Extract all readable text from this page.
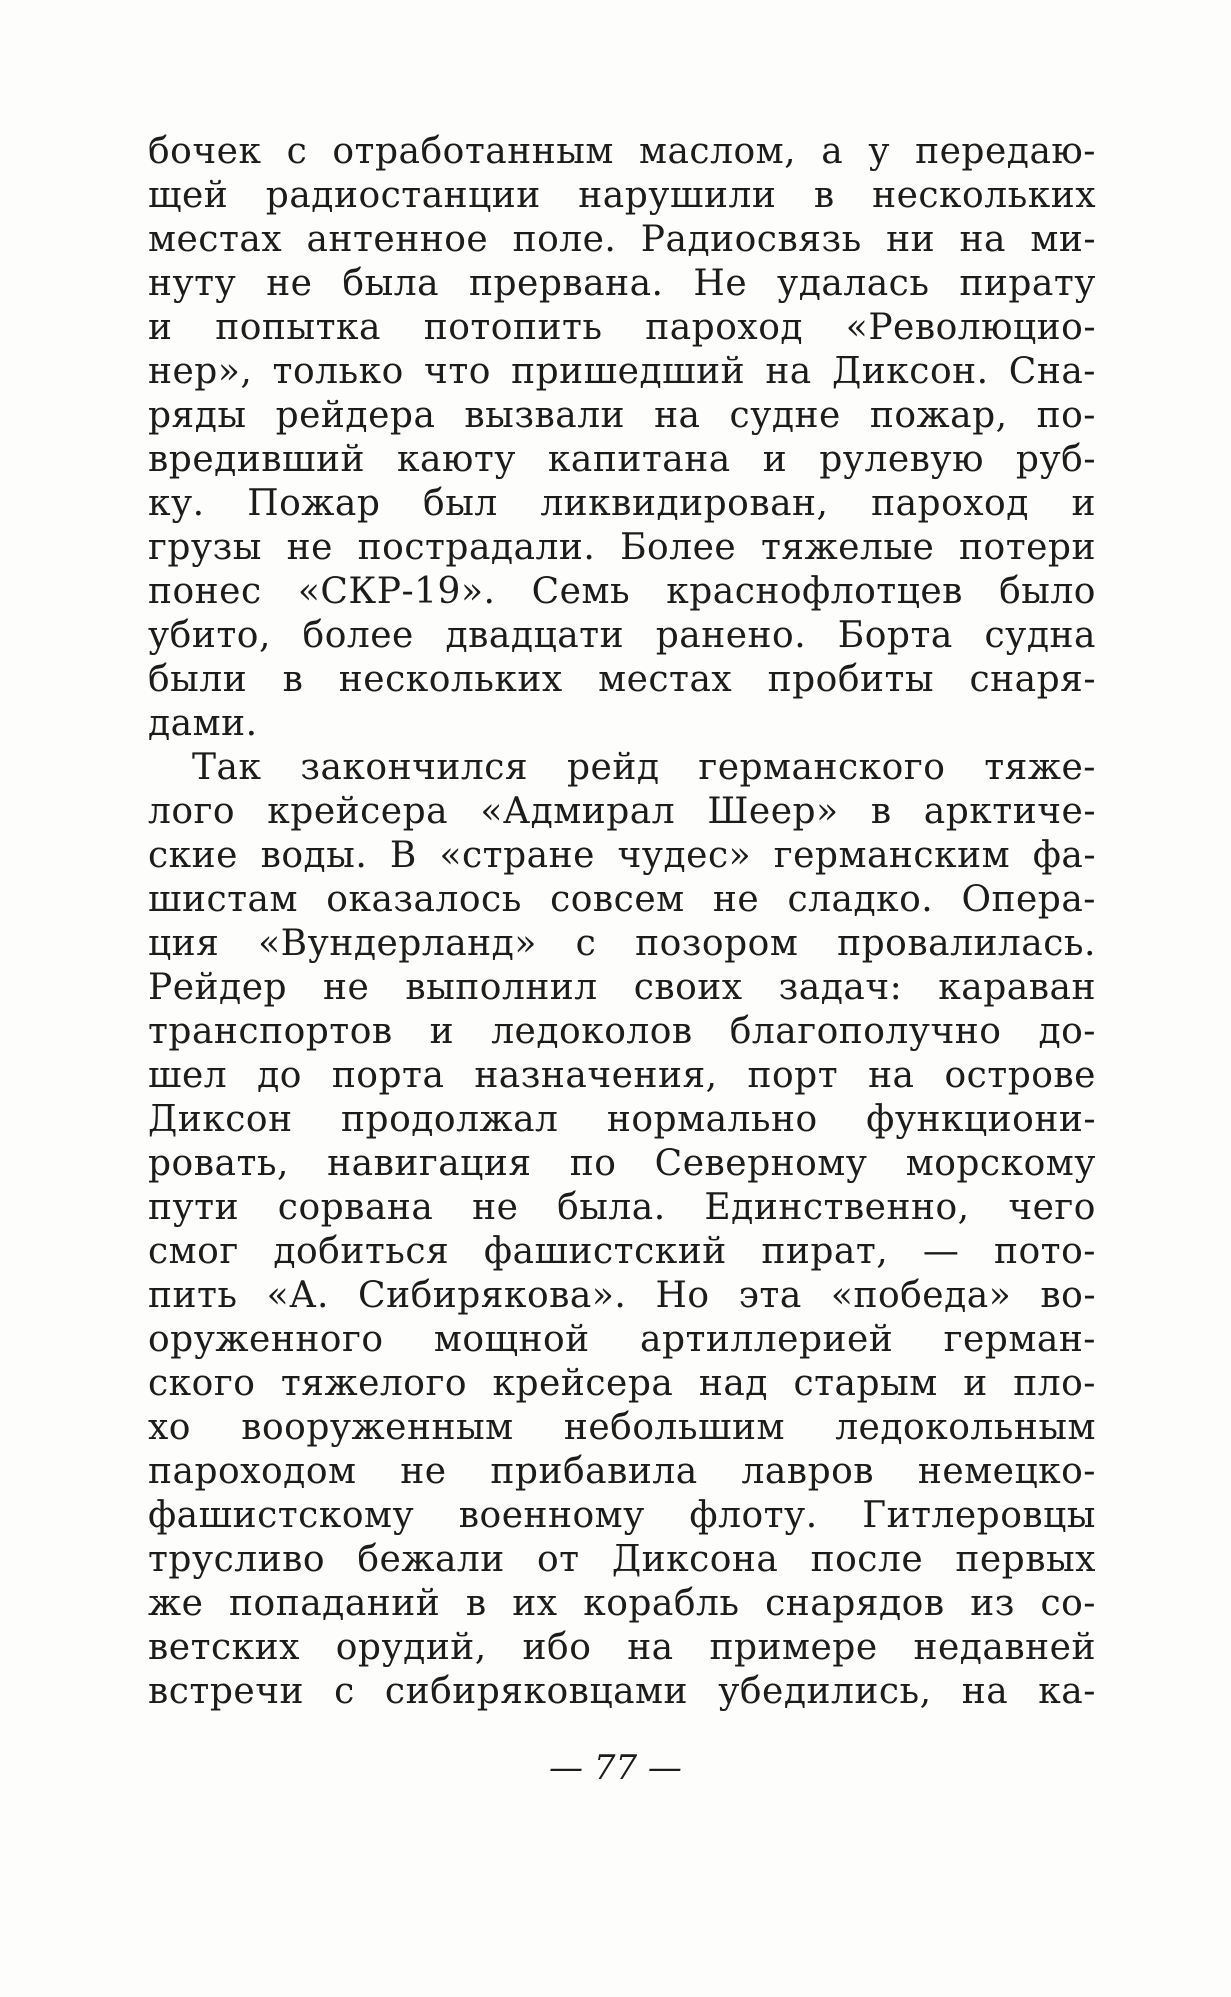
бочек с отработанным маслом, а у передаю-
щей радиостанции нарушили в нескольких
местах антенное поле. Радиосвязь ни на ми-
нуту не была прервана. Не удалась пирату
и попытка потопить пароход «Революцио-
нер», только что пришедший на Диксон. Сна-
ряды рейдера вызвали на судне пожар, по-
вредивший каюту капитана и рулевую руб-
ку. Пожар был ликвидирован, пароход и
грузы не пострадали. Более тяжелые потери
понес «СКР-19». Семь краснофлотцев было
убито, более двадцати ранено. Борта судна
были в нескольких местах пробиты снаря-
дами.
Так закончился рейд германского тяже-
лого крейсера «Адмирал Шеер» в арктиче-
ские воды. В «стране чудес» германским фа-
шистам оказалось совсем не сладко. Опера-
ция «Вундерланд» с позором провалилась.
Рейдер не выполнил своих задач: караван
транспортов и ледоколов благополучно до-
шел до порта назначения, порт на острове
Диксон продолжал нормально функциони-
ровать, навигация по Северному морскому
пути сорвана не была. Единственно, чего
смог добиться фашистский пират, — пото-
пить «А. Сибирякова». Но эта «победа» во-
оруженного мощной артиллерией герман-
ского тяжелого крейсера над старым и пло-
хо вооруженным небольшим ледокольным
пароходом не прибавила лавров немецко-
фашистскому военному флоту. Гитлеровцы
трусливо бежали от Диксона после первых
же попаданий в их корабль снарядов из со-
ветских орудий, ибо на примере недавней
встречи с сибиряковцами убедились, на ка-
— 77 —
